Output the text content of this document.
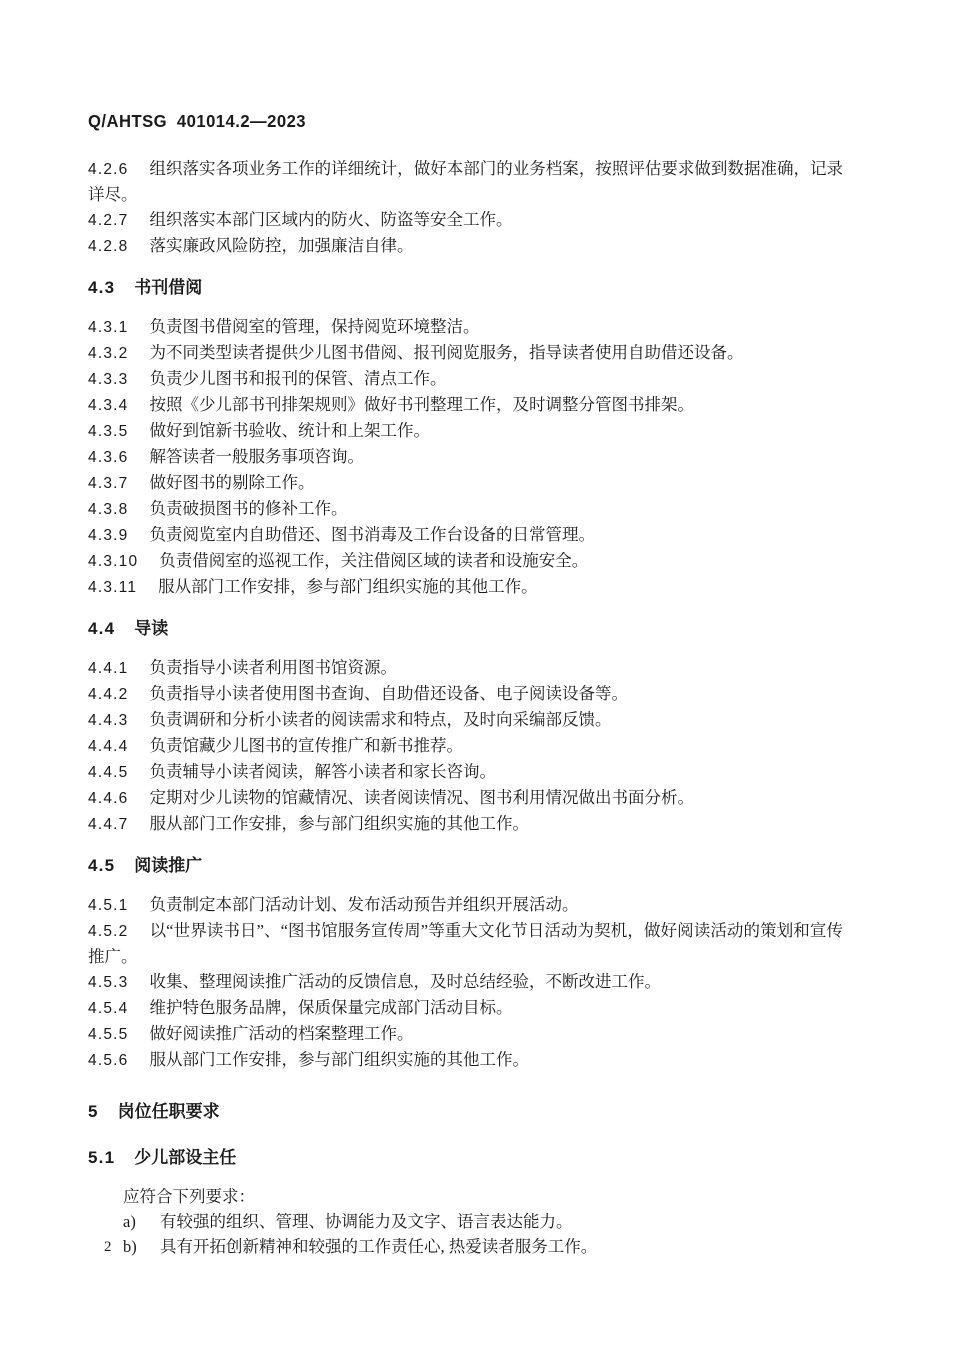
Q/AHTSG 401014.2—2023
4.2.6 组织落实各项业务工作的详细统计，做好本部门的业务档案，按照评估要求做到数据准确，记录详尽。
4.2.7 组织落实本部门区域内的防火、防盗等安全工作。
4.2.8 落实廉政风险防控，加强廉洁自律。
4.3 书刊借阅
4.3.1 负责图书借阅室的管理，保持阅览环境整洁。
4.3.2 为不同类型读者提供少儿图书借阅、报刊阅览服务，指导读者使用自助借还设备。
4.3.3 负责少儿图书和报刊的保管、清点工作。
4.3.4 按照《少儿部书刊排架规则》做好书刊整理工作，及时调整分管图书排架。
4.3.5 做好到馆新书验收、统计和上架工作。
4.3.6 解答读者一般服务事项咨询。
4.3.7 做好图书的剔除工作。
4.3.8 负责破损图书的修补工作。
4.3.9 负责阅览室内自助借还、图书消毒及工作台设备的日常管理。
4.3.10 负责借阅室的巡视工作，关注借阅区域的读者和设施安全。
4.3.11 服从部门工作安排，参与部门组织实施的其他工作。
4.4 导读
4.4.1 负责指导小读者利用图书馆资源。
4.4.2 负责指导小读者使用图书查询、自助借还设备、电子阅读设备等。
4.4.3 负责调研和分析小读者的阅读需求和特点，及时向采编部反馈。
4.4.4 负责馆藏少儿图书的宣传推广和新书推荐。
4.4.5 负责辅导小读者阅读，解答小读者和家长咨询。
4.4.6 定期对少儿读物的馆藏情况、读者阅读情况、图书利用情况做出书面分析。
4.4.7 服从部门工作安排，参与部门组织实施的其他工作。
4.5 阅读推广
4.5.1 负责制定本部门活动计划、发布活动预告并组织开展活动。
4.5.2 以“世界读书日”、“图书馆服务宣传周”等重大文化节日活动为契机，做好阅读活动的策划和宣传推广。
4.5.3 收集、整理阅读推广活动的反馈信息，及时总结经验，不断改进工作。
4.5.4 维护特色服务品牌，保质保量完成部门活动目标。
4.5.5 做好阅读推广活动的档案整理工作。
4.5.6 服从部门工作安排，参与部门组织实施的其他工作。
5 岗位任职要求
5.1 少儿部设主任
应符合下列要求：
a) 有较强的组织、管理、协调能力及文字、语言表达能力。
b) 具有开拓创新精神和较强的工作责任心, 热爱读者服务工作。
2
